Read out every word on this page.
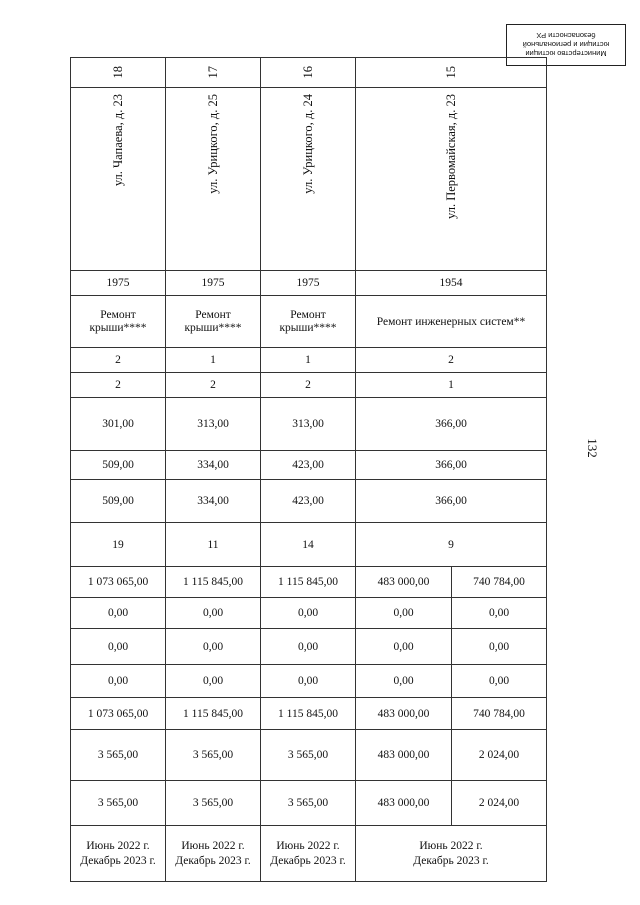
Министерство юстиции
юстиции и региональной
безопасности РХ
132
18	17	16	15	

ул. Чапаева, д. 23	ул. Урицкого, д. 25	ул. Урицкого, д. 24	ул. Первомайская, д. 23	

1975	1975	1975	1954	

Ремонт крыши****	Ремонт крыши****	Ремонт крыши****	Ремонт инженерных систем**	
2	1	1	2	
2	2	2	1	
301,00	313,00	313,00	366,00	
509,00	334,00	423,00	366,00	
509,00	334,00	423,00	366,00	
19	11	14	9	
1 073 065,00	1 115 845,00	1 115 845,00	483 000,00	740 784,00
0,00	0,00	0,00	0,00	0,00
0,00	0,00	0,00	0,00	0,00
0,00	0,00	0,00	0,00	0,00
1 073 065,00	1 115 845,00	1 115 845,00	483 000,00	740 784,00
3 565,00	3 565,00	3 565,00	483 000,00	2 024,00
3 565,00	3 565,00	3 565,00	483 000,00	2 024,00

Июнь 2022 г. Декабрь 2023 г.	Июнь 2022 г. Декабрь 2023 г.	Июнь 2022 г. Декабрь 2023 г.	Июнь 2022 г. Декабрь 2023 г.	
